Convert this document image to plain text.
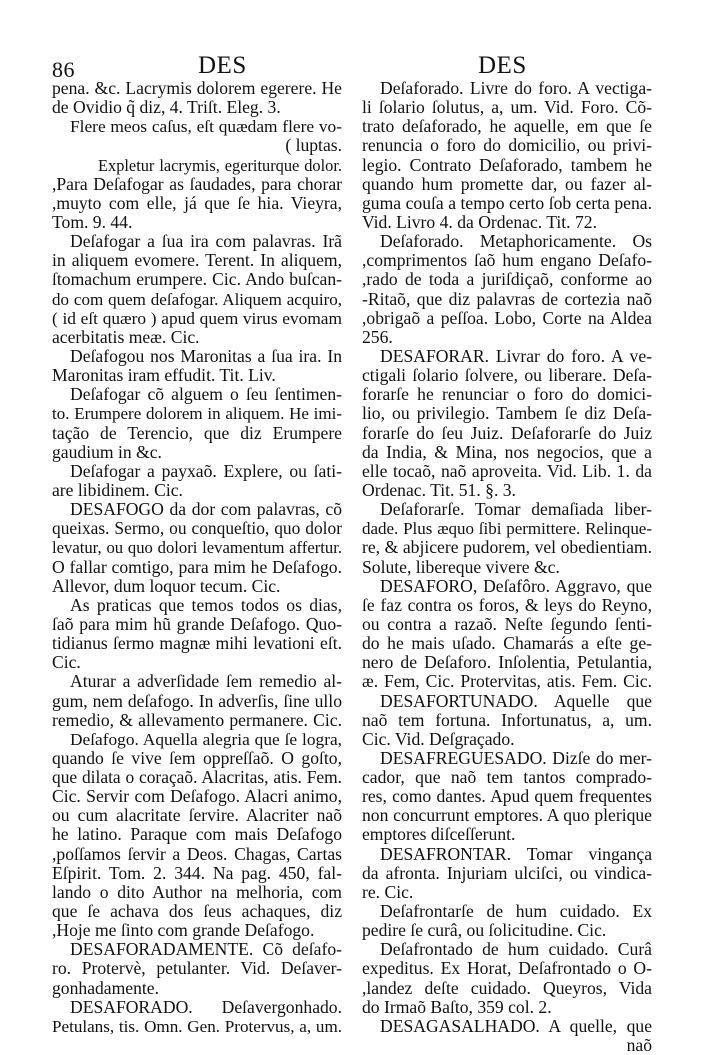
86	DES	DES
pena. &c. Lacrymis dolorem egerere. He
de Ovidio q̃ diz, 4. Triſt. Eleg. 3.
Flere meos caſus, eſt quædam flere vo-
( luptas.
Expletur lacrymis, egeriturque dolor.
,Para Deſafogar as ſaudades, para chorar
,muyto com elle, já que ſe hia. Vieyra,
Tom. 9. 44.
Deſafogar a ſua ira com palavras. Irã
in aliquem evomere. Terent. In aliquem,
ſtomachum erumpere. Cic. Ando buſcan-
do com quem deſafogar. Aliquem acquiro,
( id eſt quæro ) apud quem virus evomam
acerbitatis meæ. Cic.
Deſafogou nos Maronitas a ſua ira. In
Maronitas iram effudit. Tit. Liv.
Deſafogar cõ alguem o ſeu ſentimen-
to. Erumpere dolorem in aliquem. He imi-
tação de Terencio, que diz Erumpere
gaudium in &c.
Deſafogar a payxaõ. Explere, ou ſati-
are libidinem. Cic.
DESAFOGO da dor com palavras, cõ
queixas. Sermo, ou conqueſtio, quo dolor
levatur, ou quo dolori levamentum affertur.
O fallar comtigo, para mim he Deſafogo.
Allevor, dum loquor tecum. Cic.
As praticas que temos todos os dias,
ſaõ para mim hũ grande Deſafogo. Quo-
tidianus ſermo magnæ mihi levationi eſt.
Cic.
Aturar a adverſidade ſem remedio al-
gum, nem deſafogo. In adverſis, ſine ullo
remedio, & allevamento permanere. Cic.
Deſafogo. Aquella alegria que ſe logra,
quando ſe vive ſem oppreſſaõ. O goſto,
que dilata o coraçaõ. Alacritas, atis. Fem.
Cic. Servir com Deſafogo. Alacri animo,
ou cum alacritate ſervire. Alacriter naõ
he latino. Paraque com mais Deſafogo
,poſſamos ſervir a Deos. Chagas, Cartas
Eſpirit. Tom. 2. 344. Na pag. 450, fal-
lando o dito Author na melhoria, com
que ſe achava dos ſeus achaques, diz
,Hoje me ſinto com grande Deſafogo.
DESAFORADAMENTE. Cõ deſafo-
ro. Protervè, petulanter. Vid. Deſaver-
gonhadamente.
DESAFORADO. Deſavergonhado.
Petulans, tis. Omn. Gen. Protervus, a, um.
Deſaforado. Livre do foro. A vectiga-
li ſolario ſolutus, a, um. Vid. Foro. Cõ-
trato deſaforado, he aquelle, em que ſe
renuncia o foro do domicilio, ou privi-
legio. Contrato Deſaforado, tambem he
quando hum promette dar, ou fazer al-
guma couſa a tempo certo ſob certa pena.
Vid. Livro 4. da Ordenac. Tit. 72.
Deſaforado. Metaphoricamente. Os
,comprimentos ſaõ hum engano Deſafo-
,rado de toda a juriſdiçaõ, conforme ao
-Ritaõ, que diz palavras de cortezia naõ
,obrigaõ a peſſoa. Lobo, Corte na Aldea
256.
DESAFORAR. Livrar do foro. A ve-
ctigali ſolario ſolvere, ou liberare. Deſa-
forarſe he renunciar o foro do domici-
lio, ou privilegio. Tambem ſe diz Deſa-
forarſe do ſeu Juiz. Deſaforarſe do Juiz
da India, & Mina, nos negocios, que a
elle tocaõ, naõ aproveita. Vid. Lib. 1. da
Ordenac. Tit. 51. §. 3.
Deſaforarſe. Tomar demaſiada liber-
dade. Plus æquo ſibi permittere. Relinque-
re, & abjicere pudorem, vel obedientiam.
Solute, libereque vivere &c.
DESAFORO, Deſafôro. Aggravo, que
ſe faz contra os foros, & leys do Reyno,
ou contra a razaõ. Neſte ſegundo ſenti-
do he mais uſado. Chamarás a eſte ge-
nero de Deſaforo. Inſolentia, Petulantia,
æ. Fem, Cic. Protervitas, atis. Fem. Cic.
DESAFORTUNADO. Aquelle que
naõ tem fortuna. Infortunatus, a, um.
Cic. Vid. Deſgraçado.
DESAFREGUESADO. Dizſe do mer-
cador, que naõ tem tantos comprado-
res, como dantes. Apud quem frequentes
non concurrunt emptores. A quo plerique
emptores diſceſſerunt.
DESAFRONTAR. Tomar vingança
da afronta. Injuriam ulciſci, ou vindica-
re. Cic.
Deſafrontarſe de hum cuidado. Ex
pedire ſe curâ, ou ſolicitudine. Cic.
Deſafrontado de hum cuidado. Curâ
expeditus. Ex Horat, Deſafrontado o O-
,landez deſte cuidado. Queyros, Vida
do Irmaõ Baſto, 359 col. 2.
DESAGASALHADO. A quelle, que
naõ
